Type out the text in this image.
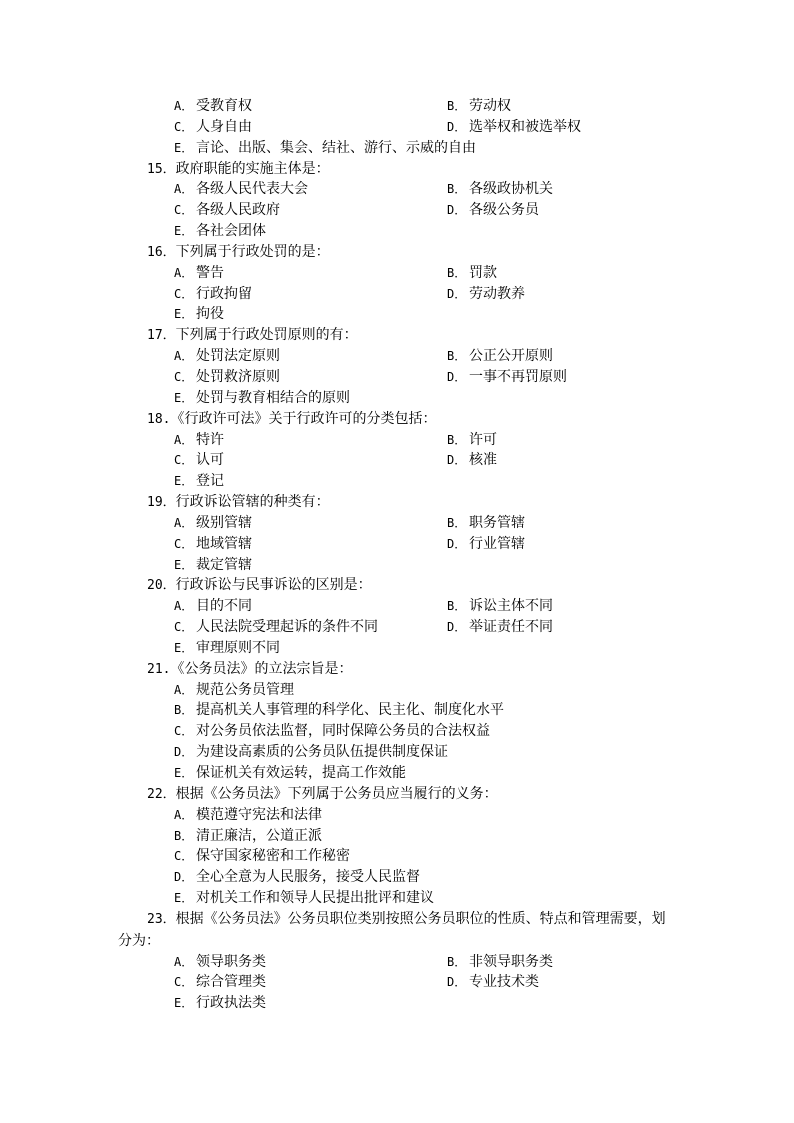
A． 受教育权	B． 劳动权
C． 人身自由	D． 选举权和被选举权
E． 言论、出版、集会、结社、游行、示威的自由
15．政府职能的实施主体是：
A． 各级人民代表大会	B． 各级政协机关
C． 各级人民政府	D． 各级公务员
E． 各社会团体
16．下列属于行政处罚的是：
A． 警告	B． 罚款
C． 行政拘留	D． 劳动教养
E． 拘役
17．下列属于行政处罚原则的有：
A． 处罚法定原则	B． 公正公开原则
C． 处罚救济原则	D． 一事不再罚原则
E． 处罚与教育相结合的原则
18.《行政许可法》关于行政许可的分类包括：
A． 特许	B． 许可
C． 认可	D． 核准
E． 登记
19．行政诉讼管辖的种类有：
A． 级别管辖	B． 职务管辖
C． 地域管辖	D． 行业管辖
E． 裁定管辖
20．行政诉讼与民事诉讼的区别是：
A． 目的不同	B． 诉讼主体不同
C． 人民法院受理起诉的条件不同	D． 举证责任不同
E． 审理原则不同
21.《公务员法》的立法宗旨是：
A． 规范公务员管理
B． 提高机关人事管理的科学化、民主化、制度化水平
C． 对公务员依法监督，同时保障公务员的合法权益
D． 为建设高素质的公务员队伍提供制度保证
E． 保证机关有效运转，提高工作效能
22．根据《公务员法》下列属于公务员应当履行的义务：
A． 模范遵守宪法和法律
B． 清正廉洁，公道正派
C． 保守国家秘密和工作秘密
D． 全心全意为人民服务，接受人民监督
E． 对机关工作和领导人民提出批评和建议
23．根据《公务员法》公务员职位类别按照公务员职位的性质、特点和管理需要，划分为：
A． 领导职务类	B． 非领导职务类
C． 综合管理类	D． 专业技术类
E． 行政执法类
